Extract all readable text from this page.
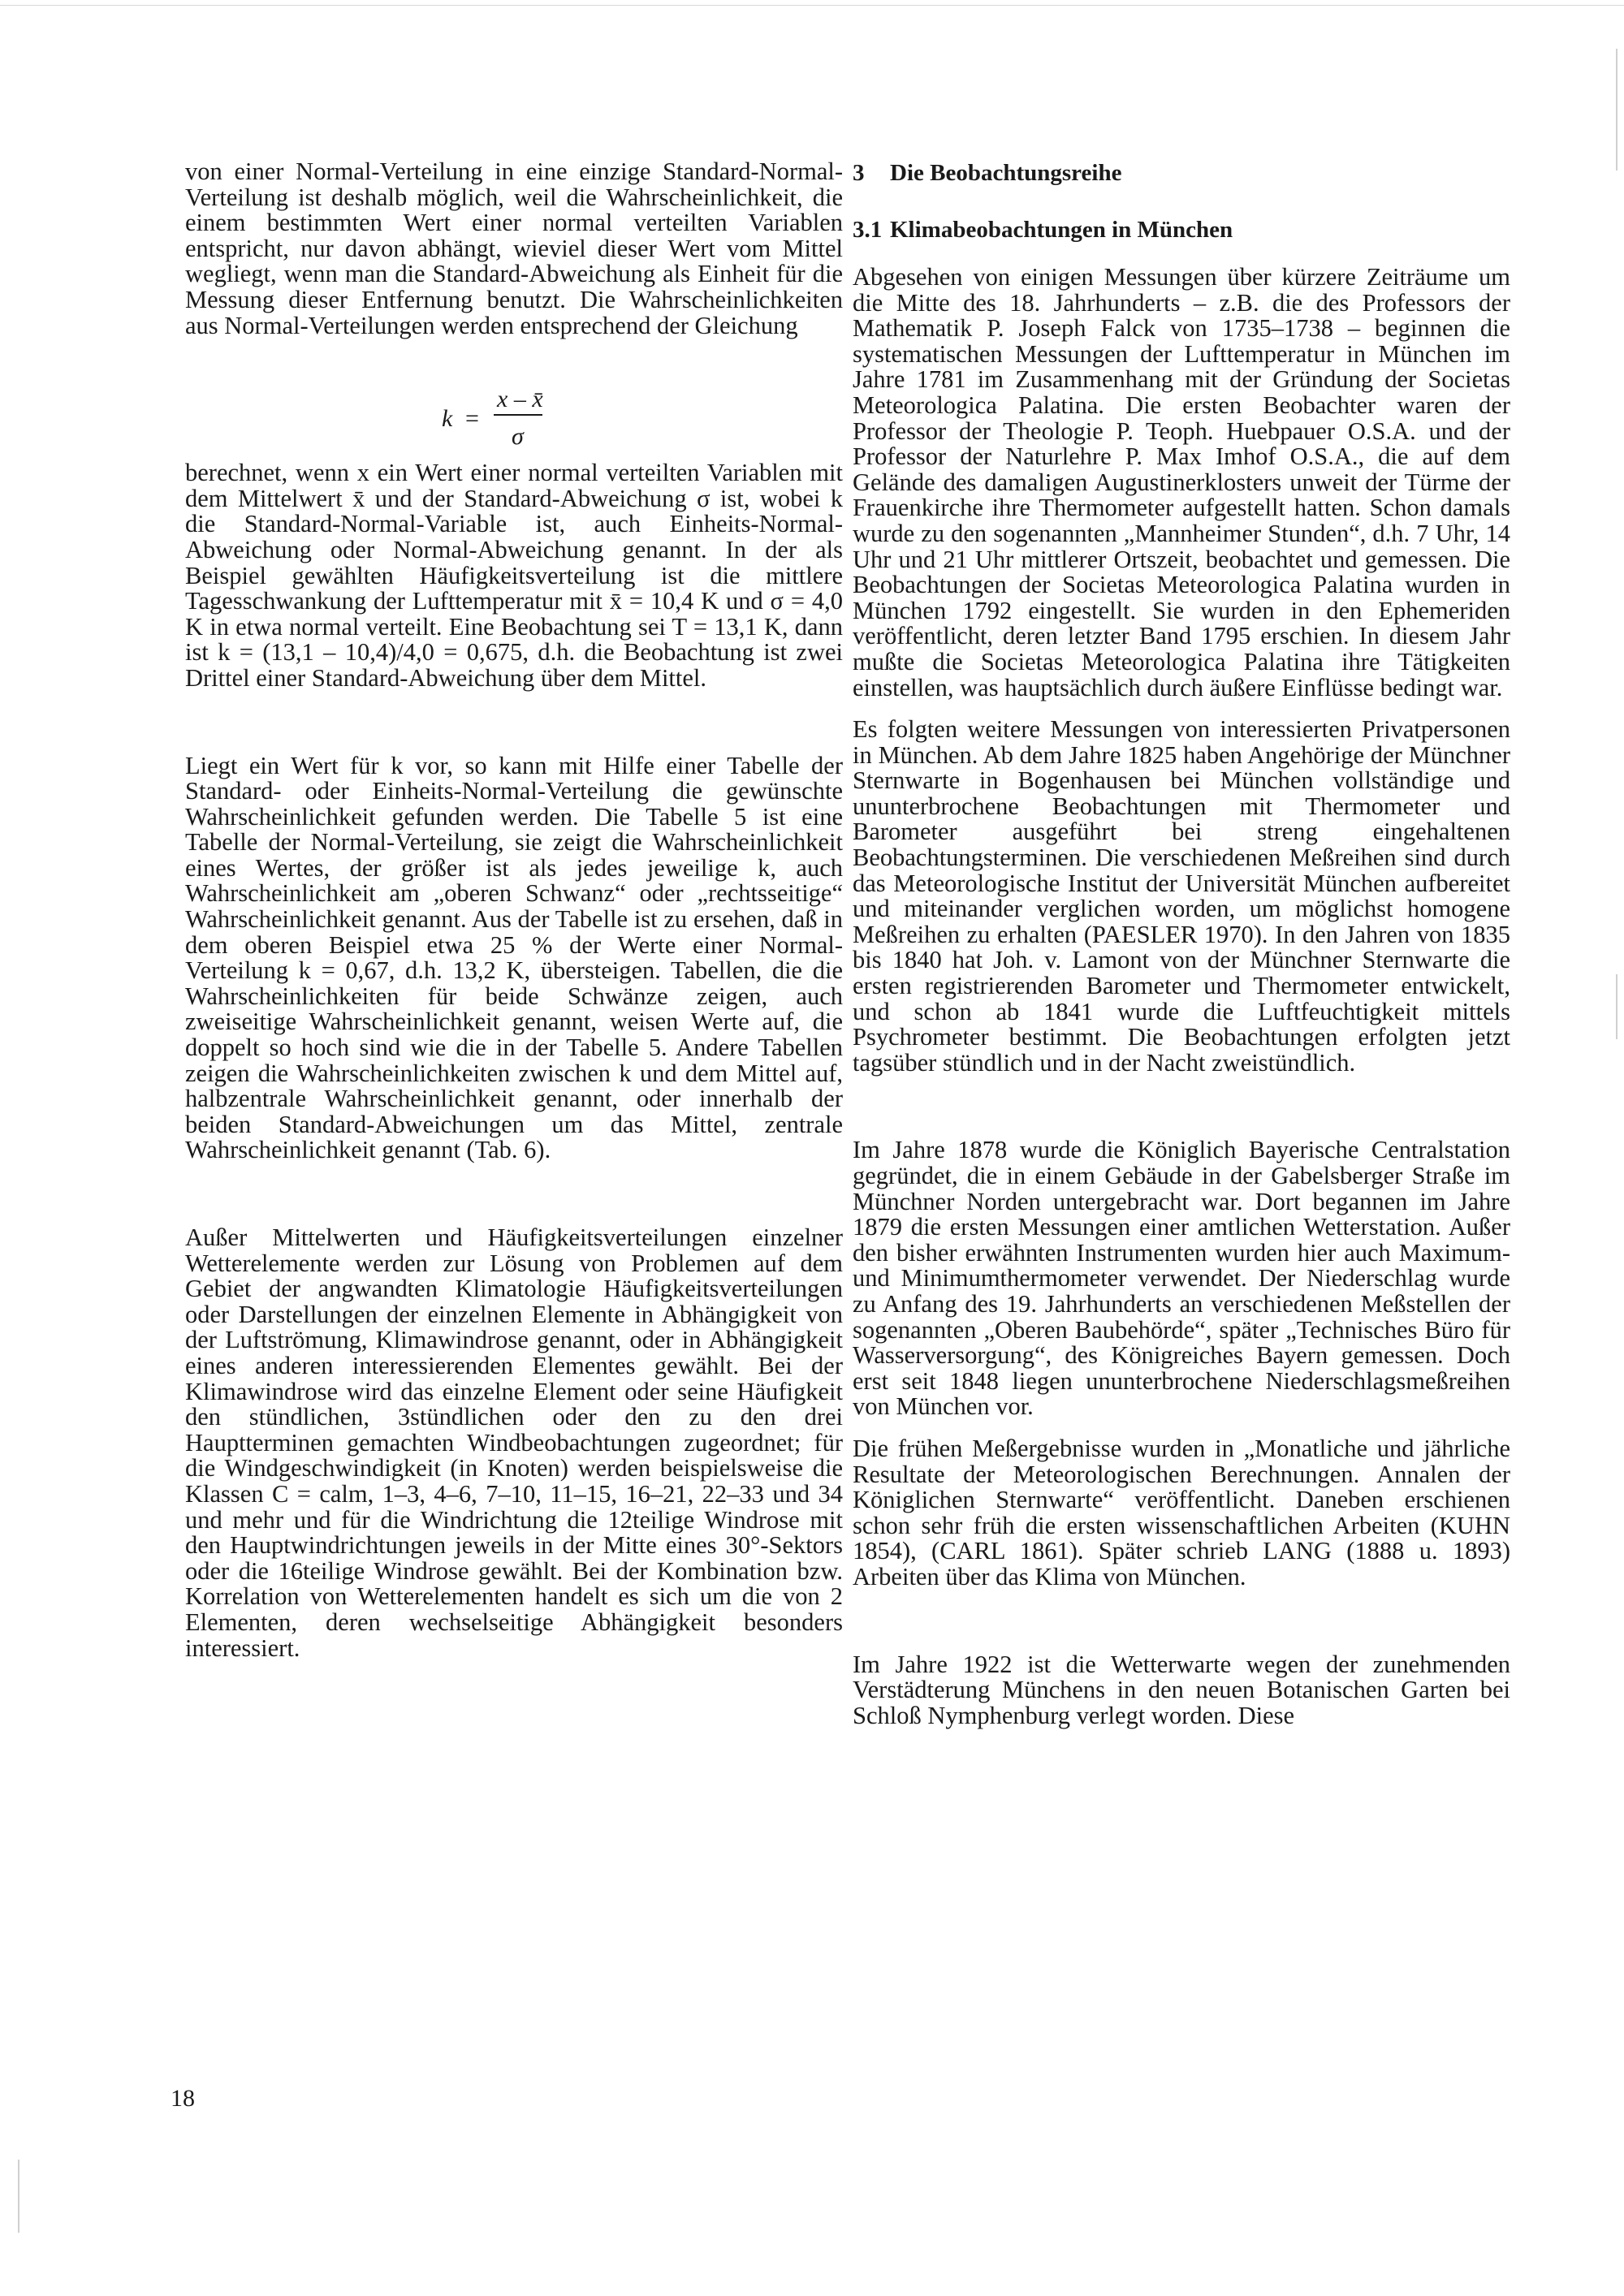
von einer Normal-Verteilung in eine einzige Standard-Normal-Verteilung ist deshalb möglich, weil die Wahrscheinlichkeit, die einem bestimmten Wert einer normal verteilten Variablen entspricht, nur davon abhängt, wieviel dieser Wert vom Mittel wegliegt, wenn man die Standard-Abweichung als Einheit für die Messung dieser Entfernung benutzt. Die Wahrscheinlichkeiten aus Normal-Verteilungen werden entsprechend der Gleichung

k =
x – x̄
σ

berechnet, wenn x ein Wert einer normal verteilten Variablen mit dem Mittelwert x̄ und der Standard-Abweichung σ ist, wobei k die Standard-Normal-Variable ist, auch Einheits-Normal-Abweichung oder Normal-Abweichung genannt. In der als Beispiel gewählten Häufigkeitsverteilung ist die mittlere Tagesschwankung der Lufttemperatur mit x̄ = 10,4 K und σ = 4,0 K in etwa normal verteilt. Eine Beobachtung sei T = 13,1 K, dann ist k = (13,1 – 10,4)/4,0 = 0,675, d.h. die Beobachtung ist zwei Drittel einer Standard-Abweichung über dem Mittel.

Liegt ein Wert für k vor, so kann mit Hilfe einer Tabelle der Standard- oder Einheits-Normal-Verteilung die gewünschte Wahrscheinlichkeit gefunden werden. Die Tabelle 5 ist eine Tabelle der Normal-Verteilung, sie zeigt die Wahrscheinlichkeit eines Wertes, der größer ist als jedes jeweilige k, auch Wahrscheinlichkeit am „oberen Schwanz“ oder „rechtsseitige“ Wahrscheinlichkeit genannt. Aus der Tabelle ist zu ersehen, daß in dem oberen Beispiel etwa 25 % der Werte einer Normal-Verteilung k = 0,67, d.h. 13,2 K, übersteigen. Tabellen, die die Wahrscheinlichkeiten für beide Schwänze zeigen, auch zweiseitige Wahrscheinlichkeit genannt, weisen Werte auf, die doppelt so hoch sind wie die in der Tabelle 5. Andere Tabellen zeigen die Wahrscheinlichkeiten zwischen k und dem Mittel auf, halbzentrale Wahrscheinlichkeit genannt, oder innerhalb der beiden Standard-Abweichungen um das Mittel, zentrale Wahrscheinlichkeit genannt (Tab. 6).

Außer Mittelwerten und Häufigkeitsverteilungen einzelner Wetterelemente werden zur Lösung von Problemen auf dem Gebiet der angwandten Klimatologie Häufigkeitsverteilungen oder Darstellungen der einzelnen Elemente in Abhängigkeit von der Luftströmung, Klimawindrose genannt, oder in Abhängigkeit eines anderen interessierenden Elementes gewählt. Bei der Klimawindrose wird das einzelne Element oder seine Häufigkeit den stündlichen, 3stündlichen oder den zu den drei Hauptterminen gemachten Windbeobachtungen zugeordnet; für die Windgeschwindigkeit (in Knoten) werden beispielsweise die Klassen C = calm, 1–3, 4–6, 7–10, 11–15, 16–21, 22–33 und 34 und mehr und für die Windrichtung die 12teilige Windrose mit den Hauptwindrichtungen jeweils in der Mitte eines 30°-Sektors oder die 16teilige Windrose gewählt. Bei der Kombination bzw. Korrelation von Wetterelementen handelt es sich um die von 2 Elementen, deren wechselseitige Abhängigkeit besonders interessiert.

3 Die Beobachtungsreihe
3.1 Klimabeobachtungen in München

Abgesehen von einigen Messungen über kürzere Zeiträume um die Mitte des 18. Jahrhunderts – z.B. die des Professors der Mathematik P. Joseph Falck von 1735–1738 – beginnen die systematischen Messungen der Lufttemperatur in München im Jahre 1781 im Zusammenhang mit der Gründung der Societas Meteorologica Palatina. Die ersten Beobachter waren der Professor der Theologie P. Teoph. Huebpauer O.S.A. und der Professor der Naturlehre P. Max Imhof O.S.A., die auf dem Gelände des damaligen Augustinerklosters unweit der Türme der Frauenkirche ihre Thermometer aufgestellt hatten. Schon damals wurde zu den sogenannten „Mannheimer Stunden“, d.h. 7 Uhr, 14 Uhr und 21 Uhr mittlerer Ortszeit, beobachtet und gemessen. Die Beobachtungen der Societas Meteorologica Palatina wurden in München 1792 eingestellt. Sie wurden in den Ephemeriden veröffentlicht, deren letzter Band 1795 erschien. In diesem Jahr mußte die Societas Meteorologica Palatina ihre Tätigkeiten einstellen, was hauptsächlich durch äußere Einflüsse bedingt war.

Es folgten weitere Messungen von interessierten Privatpersonen in München. Ab dem Jahre 1825 haben Angehörige der Münchner Sternwarte in Bogenhausen bei München vollständige und ununterbrochene Beobachtungen mit Thermometer und Barometer ausgeführt bei streng eingehaltenen Beobachtungsterminen. Die verschiedenen Meßreihen sind durch das Meteorologische Institut der Universität München aufbereitet und miteinander verglichen worden, um möglichst homogene Meßreihen zu erhalten (PAESLER 1970). In den Jahren von 1835 bis 1840 hat Joh. v. Lamont von der Münchner Sternwarte die ersten registrierenden Barometer und Thermometer entwickelt, und schon ab 1841 wurde die Luftfeuchtigkeit mittels Psychrometer bestimmt. Die Beobachtungen erfolgten jetzt tagsüber stündlich und in der Nacht zweistündlich.

Im Jahre 1878 wurde die Königlich Bayerische Centralstation gegründet, die in einem Gebäude in der Gabelsberger Straße im Münchner Norden untergebracht war. Dort begannen im Jahre 1879 die ersten Messungen einer amtlichen Wetterstation. Außer den bisher erwähnten Instrumenten wurden hier auch Maximum- und Minimumthermometer verwendet. Der Niederschlag wurde zu Anfang des 19. Jahrhunderts an verschiedenen Meßstellen der sogenannten „Oberen Baubehörde“, später „Technisches Büro für Wasserversorgung“, des Königreiches Bayern gemessen. Doch erst seit 1848 liegen ununterbrochene Niederschlagsmeßreihen von München vor.

Die frühen Meßergebnisse wurden in „Monatliche und jährliche Resultate der Meteorologischen Berechnungen. Annalen der Königlichen Sternwarte“ veröffentlicht. Daneben erschienen schon sehr früh die ersten wissenschaftlichen Arbeiten (KUHN 1854), (CARL 1861). Später schrieb LANG (1888 u. 1893) Arbeiten über das Klima von München.

Im Jahre 1922 ist die Wetterwarte wegen der zunehmenden Verstädterung Münchens in den neuen Botanischen Garten bei Schloß Nymphenburg verlegt worden. Diese

18
